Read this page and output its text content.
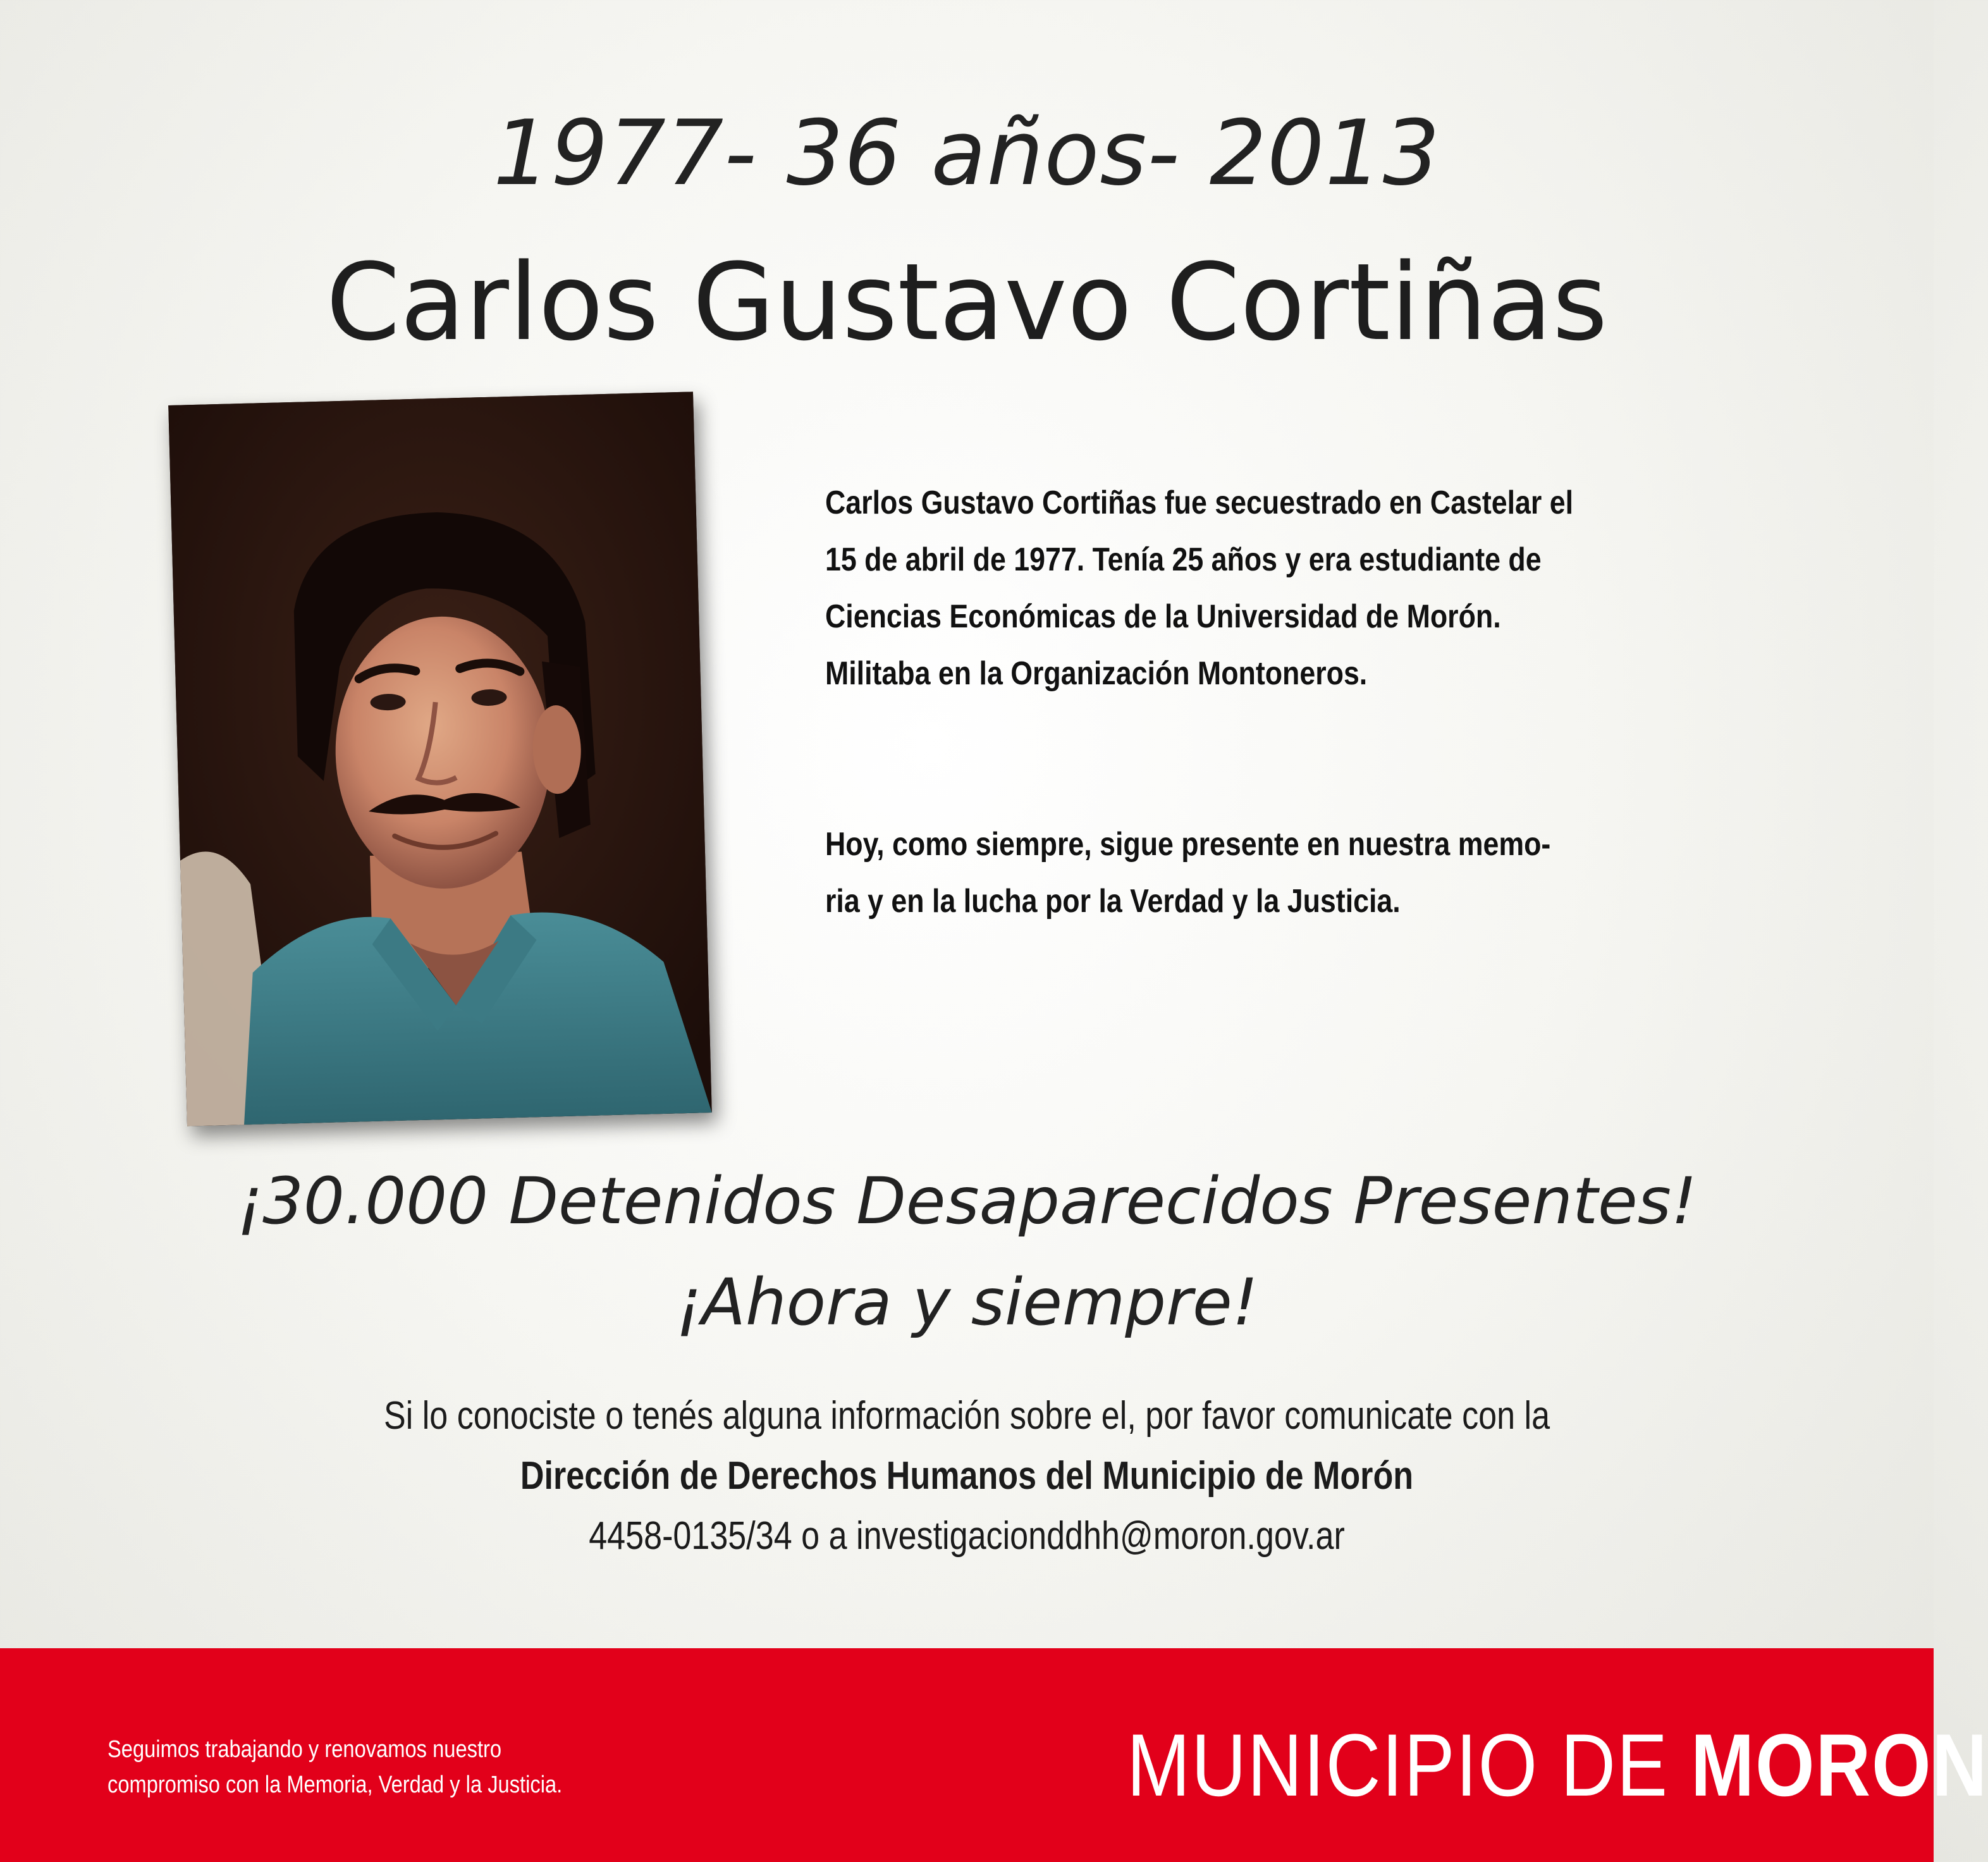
1977- 36 años- 2013
Carlos Gustavo Cortiñas

Carlos Gustavo Cortiñas fue secuestrado en Castelar el
15 de abril de 1977. Tenía 25 años y era estudiante de
Ciencias Económicas de la Universidad de Morón.
Militaba en la Organización Montoneros.

Hoy, como siempre, sigue presente en nuestra memo-
ria y en la lucha por la Verdad y la Justicia.

¡30.000 Detenidos Desaparecidos Presentes!
¡Ahora y siempre!
Si lo conociste o tenés alguna información sobre el, por favor comunicate con la
Dirección de Derechos Humanos del Municipio de Morón
4458-0135/34 o a investigacionddhh@moron.gov.ar
Seguimos trabajando y renovamos nuestro
compromiso con la Memoria, Verdad y la Justicia.	MUNICIPIO DE MORON
